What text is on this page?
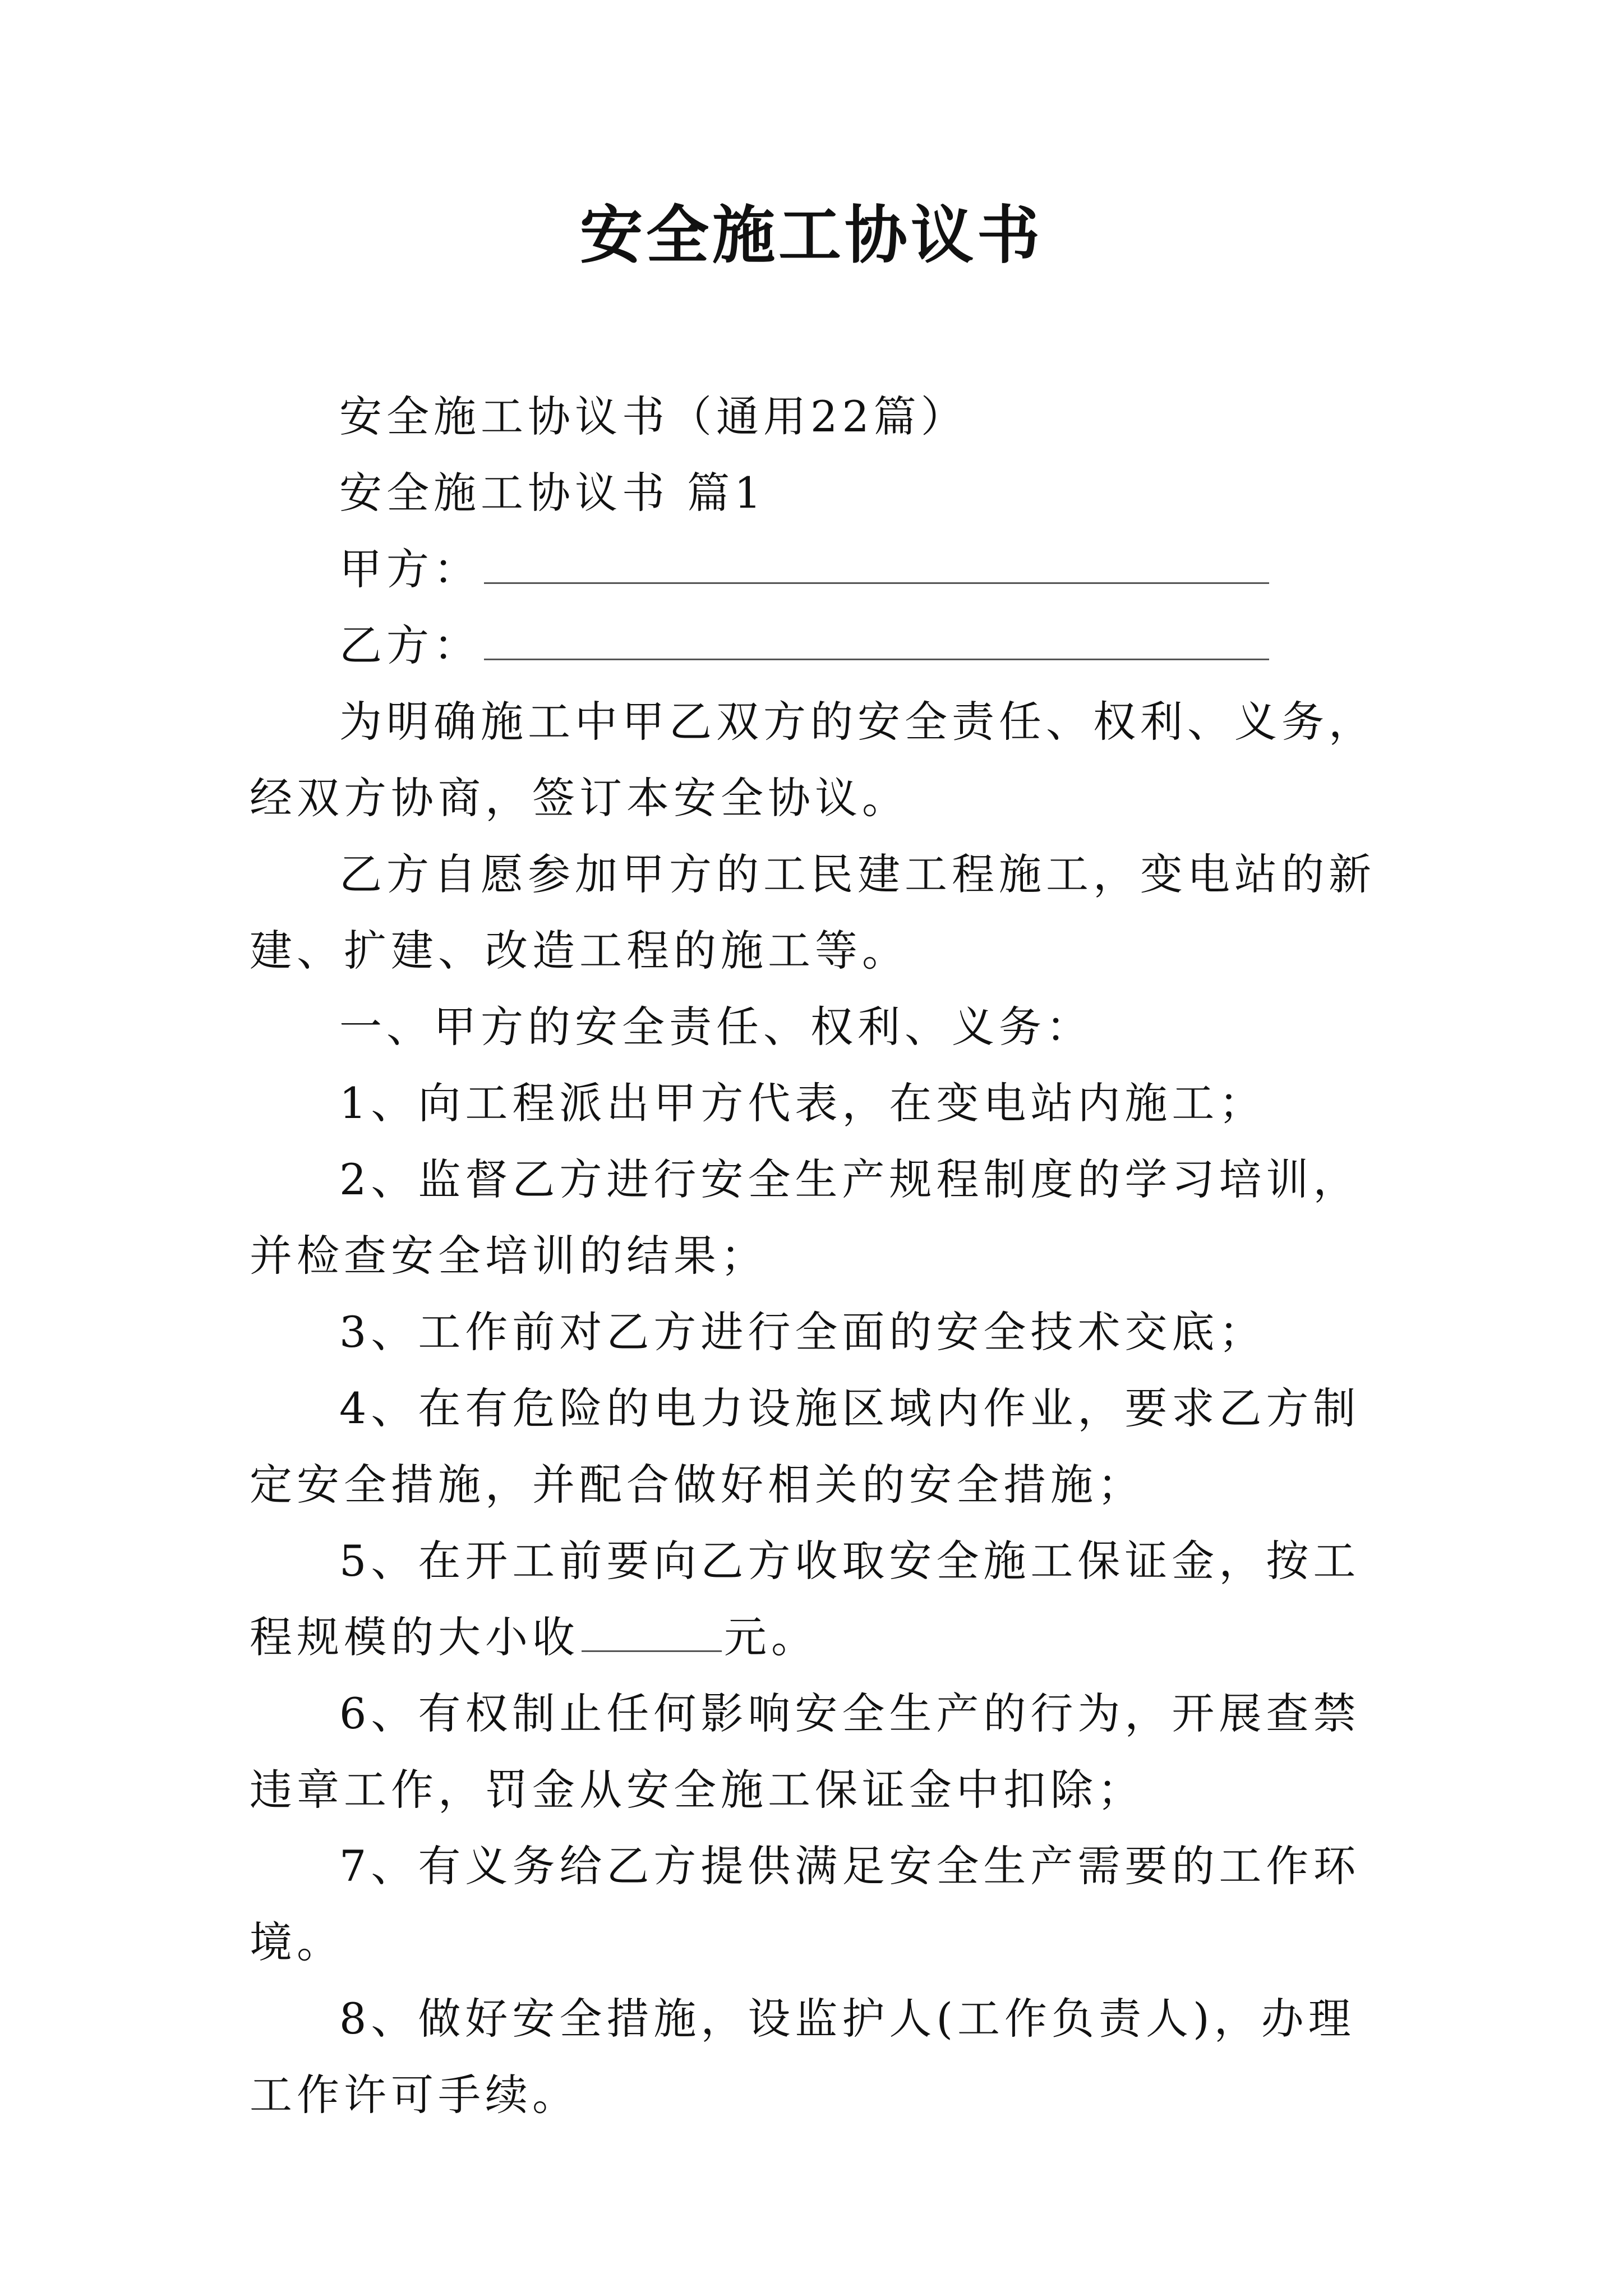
安全施工协议书

安全施工协议书（通用22篇）

安全施工协议书 篇1

甲方：

乙方：

为明确施工中甲乙双方的安全责任、权利、义务，经双方协商，签订本安全协议。

乙方自愿参加甲方的工民建工程施工，变电站的新建、扩建、改造工程的施工等。

一、甲方的安全责任、权利、义务：

1、向工程派出甲方代表，在变电站内施工；

2、监督乙方进行安全生产规程制度的学习培训，并检查安全培训的结果；

3、工作前对乙方进行全面的安全技术交底；

4、在有危险的电力设施区域内作业，要求乙方制定安全措施，并配合做好相关的安全措施；

5、在开工前要向乙方收取安全施工保证金，按工程规模的大小收	元。

6、有权制止任何影响安全生产的行为，开展查禁违章工作，罚金从安全施工保证金中扣除；

7、有义务给乙方提供满足安全生产需要的工作环境。

8、做好安全措施，设监护人(工作负责人)，办理工作许可手续。
